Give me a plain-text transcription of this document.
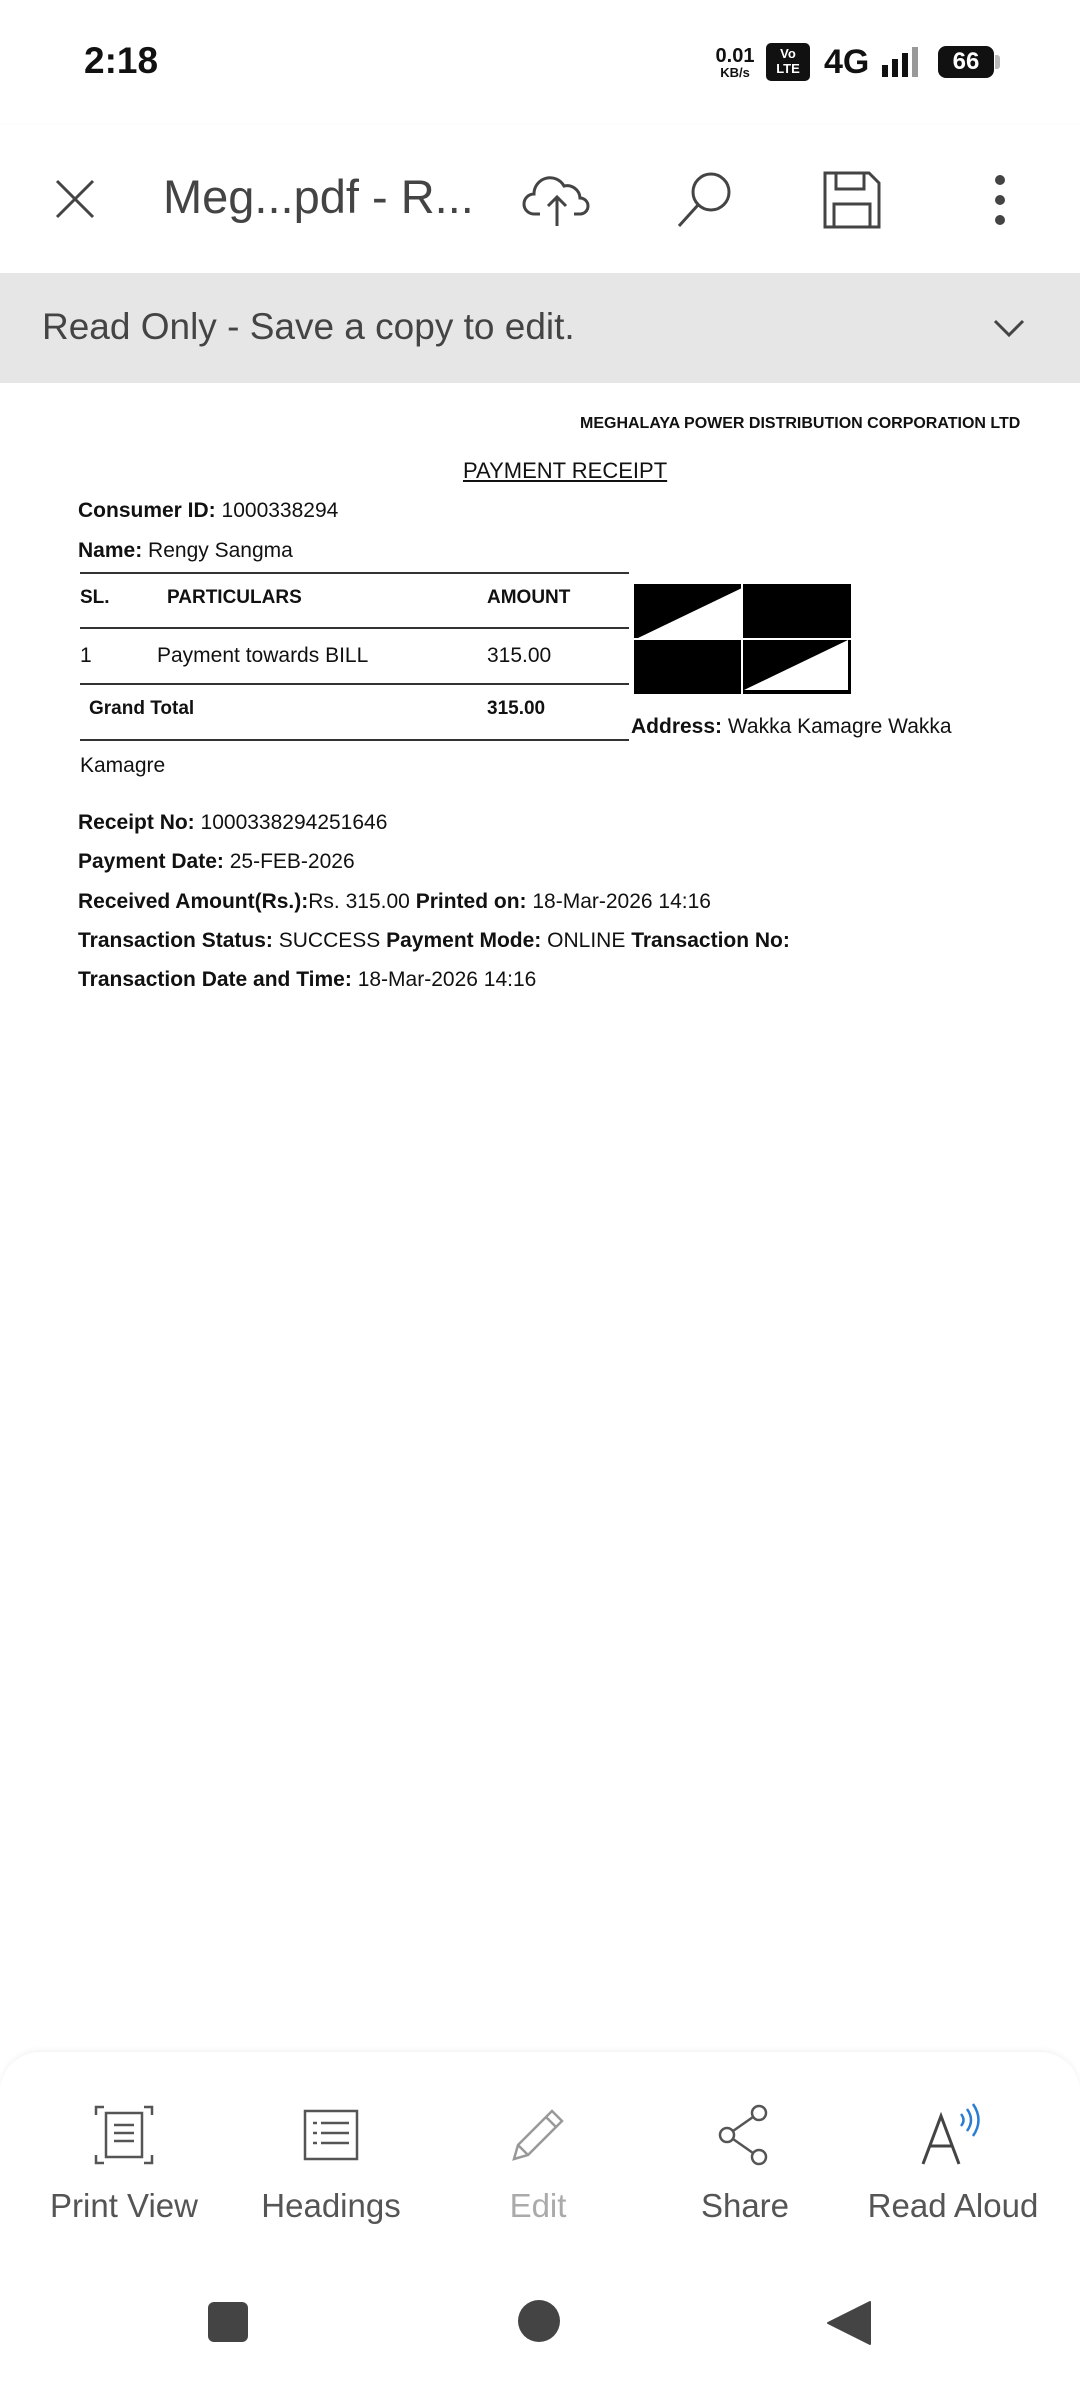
2:18	0.01
KB/s
Vo
LTE 4G	66
Meg...pdf - R...
Read Only - Save a copy to edit.
MEGHALAYA POWER DISTRIBUTION CORPORATION LTD
PAYMENT RECEIPT
Consumer ID: 1000338294
Name: Rengy Sangma
SL.	PARTICULARS	AMOUNT
1	Payment towards BILL	315.00
Grand Total	315.00
Address: Wakka Kamagre Wakka
Kamagre
Receipt No: 1000338294251646
Payment Date: 25-FEB-2026
Received Amount(Rs.):Rs. 315.00 Printed on: 18-Mar-2026 14:16
Transaction Status: SUCCESS Payment Mode: ONLINE Transaction No:
Transaction Date and Time: 18-Mar-2026 14:16
Print View	Headings	Edit	Share	Read Aloud
